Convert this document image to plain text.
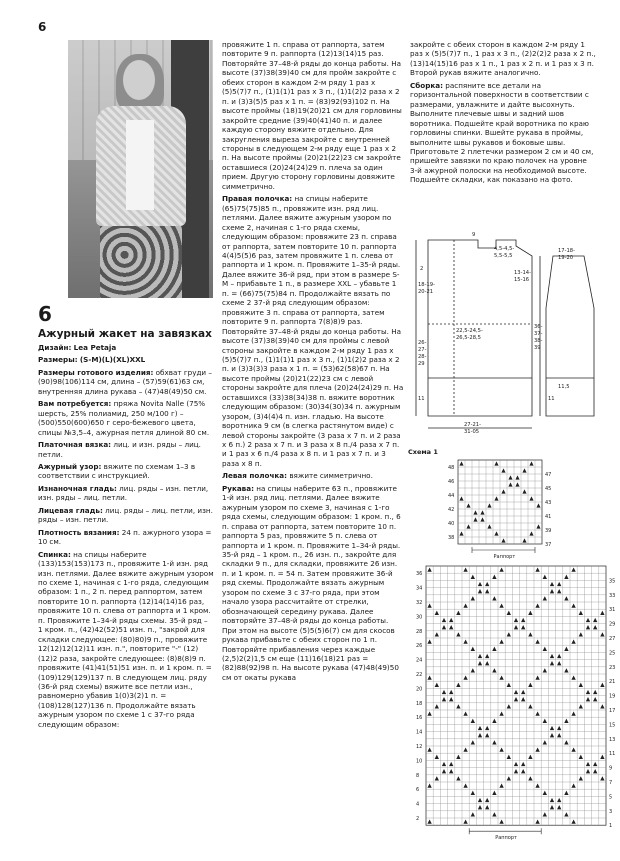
6
6
Ажурный жакет на завязках

Дизайн: Lea Petaja

Размеры: (S-M)(L)(XL)XXL

Размеры готового изделия: обхват груди – (90)98(106)114 см, длина – (57)59(61)63 см, внутренняя длина рукава – (47)48(49)50 см.

Вам потребуется: пряжа Novita Nalle (75% шерсть, 25% полиамид, 250 м/100 г) – (500)550(600)650 г серо-бежевого цвета, спицы №3,5–4, ажурная петля длиной 80 см.

Платочная вязка: лиц. и изн. ряды – лиц. петли.

Ажурный узор: вяжите по схемам 1–3 в соответствии с инструкцией.

Изнаночная гладь: лиц. ряды – изн. петли, изн. ряды – лиц. петли.

Лицевая гладь: лиц. ряды – лиц. петли, изн. ряды – изн. петли.

Плотность вязания: 24 п. ажурного узора = 10 см.

Спинка: на спицы наберите (133)153(153)173 п., провяжите 1-й изн. ряд изн. петлями. Далее вяжите ажурным узором по схеме 1, начиная с 1-го ряда, следующим образом: 1 п., 2 п. перед раппортом, затем повторите 10 п. раппорта (12)14(14)16 раз, провяжите 10 п. слева от раппорта и 1 кром. п. Провяжите 1–34-й ряды схемы. 35-й ряд – 1 кром. п., (42)42(52)51 изн. п., "закрой для складки следующее: (80)80)9 п., провяжите 12(12)12(12)11 изн. п.", повторите "-" (12)(12)2 раза, закройте следующее: (8)8(8)9 п. провяжите (41)41(51)51 изн. п. и 1 кром. п. = (109)129(129)137 п. В следующем лиц. ряду (36-й ряд схемы) вяжите все петли изн., равномерно убавив 1(0)3(2)1 п. = (108)128(127)136 п. Продолжайте вязать ажурным узором по схеме 1 с 37-го ряда следующим образом:

провяжите 1 п. справа от раппорта, затем повторите 9 п. раппорта (12)13(14)15 раз. Повторяйте 37–48-й ряды до конца работы. На высоте (37)38(39)40 см для пройм закройте с обеих сторон в каждом 2-м ряду 1 раз х (5)5(7)7 п., (1)1(1)1 раз х 3 п., (1)1(2)2 раза х 2 п. и (3)3(5)5 раз х 1 п. = (83)92(93)102 п. На высоте проймы (18)19(20)21 см для горловины закройте средние (39)40(41)40 п. и далее каждую сторону вяжите отдельно. Для закругления выреза закройте с внутренней стороны в следующем 2-м ряду еще 1 раз х 2 п. На высоте проймы (20)21(22)23 см закройте оставшиеся (20)24(24)29 п. плеча за один прием. Другую сторону горловины довяжите симметрично.

Правая полочка: на спицы наберите (65)75(75)85 п., провяжите изн. ряд лиц. петлями. Далее вяжите ажурным узором по схеме 2, начиная с 1-го ряда схемы, следующим образом: провяжите 23 п. справа от раппорта, затем повторите 10 п. раппорта 4(4)5(5)6 раз, затем провяжите 1 п. слева от раппорта и 1 кром. п. Провяжите 1–35-й ряды. Далее вяжите 36-й ряд, при этом в размере S-M – прибавьте 1 п., в размере XXL – убавьте 1 п. = (66)75(75)84 п. Продолжайте вязать по схеме 2 37-й ряд следующим образом: провяжите 3 п. справа от раппорта, затем повторите 9 п. раппорта 7(8)8)9 раз. Повторяйте 37–48-й ряды до конца работы. На высоте (37)38(39)40 см для проймы с левой стороны закройте в каждом 2-м ряду 1 раз х (5)5(7)7 п., (1)1(1)1 раз х 3 п., (1)1(2)2 раза х 2 п. и (3)3(3)3 раза х 1 п. = (53)62(58)67 п. На высоте проймы (20)21(22)23 см с левой стороны закройте для плеча (20)24(24)29 п. На оставшихся (33)38(34)38 п. вяжите воротник следующим образом: (30)34(30)34 п. ажурным узором, (3)4(4)4 п. изн. гладью. На высоте воротника 9 см (в слегка растянутом виде) с левой стороны закройте (3 раза х 7 п. и 2 раза х 6 п.) 2 раза х 7 п. и 3 раза х 8 п./4 раза х 7 п. и 1 раз х 6 п./4 раза х 8 п. и 1 раз х 7 п. и 3 раза х 8 п.

Левая полочка: вяжите симметрично.

Рукава: на спицы наберите 63 п., провяжите 1-й изн. ряд лиц. петлями. Далее вяжите ажурным узором по схеме 3, начиная с 1-го ряда схемы, следующим образом: 1 кром. п., 6 п. справа от раппорта, затем повторите 10 п. раппорта 5 раз, провяжите 5 п. слева от раппорта и 1 кром. п. Провяжите 1–34-й ряды. 35-й ряд – 1 кром. п., 26 изн. п., закройте для складки 9 п., для складки, провяжите 26 изн. п. и 1 кром. п. = 54 п. Затем провяжите 36-й ряд схемы. Продолжайте вязать ажурным узором по схеме 3 с 37-го ряда, при этом начало узора рассчитайте от стрелки, обозначающей середину рукава. Далее повторяйте 37–48-й ряды до конца работы. При этом на высоте (5)5(5)6(7) см для скосов рукава прибавьте с обеих сторон по 1 п. Повторяйте прибавления через каждые (2,5)2(2)1,5 см еще (11)16(18)21 раз = (82)88(92)98 п. На высоте рукава (47)48(49)50 см от окаты рукава

закройте с обеих сторон в каждом 2-м ряду 1 раз х (5)5(7)7 п., 1 раз х 3 п., (2)2(2)2 раза х 2 п., (13)14(15)16 раз х 1 п., 1 раз х 2 п. и 1 раз х 3 п. Второй рукав вяжите аналогично.

Сборка: распяните все детали на горизонтальной поверхности в соответствии с размерами, увлажните и дайте высохнуть. Выполните плечевые швы и задний шов воротника. Подшейте край воротника по краю горловины спинки. Вшейте рукава в проймы, выполните швы рукавов и боковые швы. Приготовьте 2 плетечки размером 2 см и 40 см, пришейте завязки по краю полочек на уровне 3-й ажурной полоски на необходимой высоте. Подшейте складки, как показано на фото.

9
4,5-4,5-
5,5-5,5
13-14-
15-16
17-18-
19-20
2
18-19-
20-21
22,5-24,5-
26,5-28,5
26-
27-
28-
29
36-
37-
38-
39
11
11,5
27-21-
31-05
11
Схема 1
48
46
44
42
40
38
47
45
43
41
39
37
Раппорт
36
34
32
30
28
26
24
22
20
18
16
14
12
10
8
6
4
2
35
33
31
29
27
25
23
21
19
17
15
13
11
9
7
5
3
1
Раппорт
